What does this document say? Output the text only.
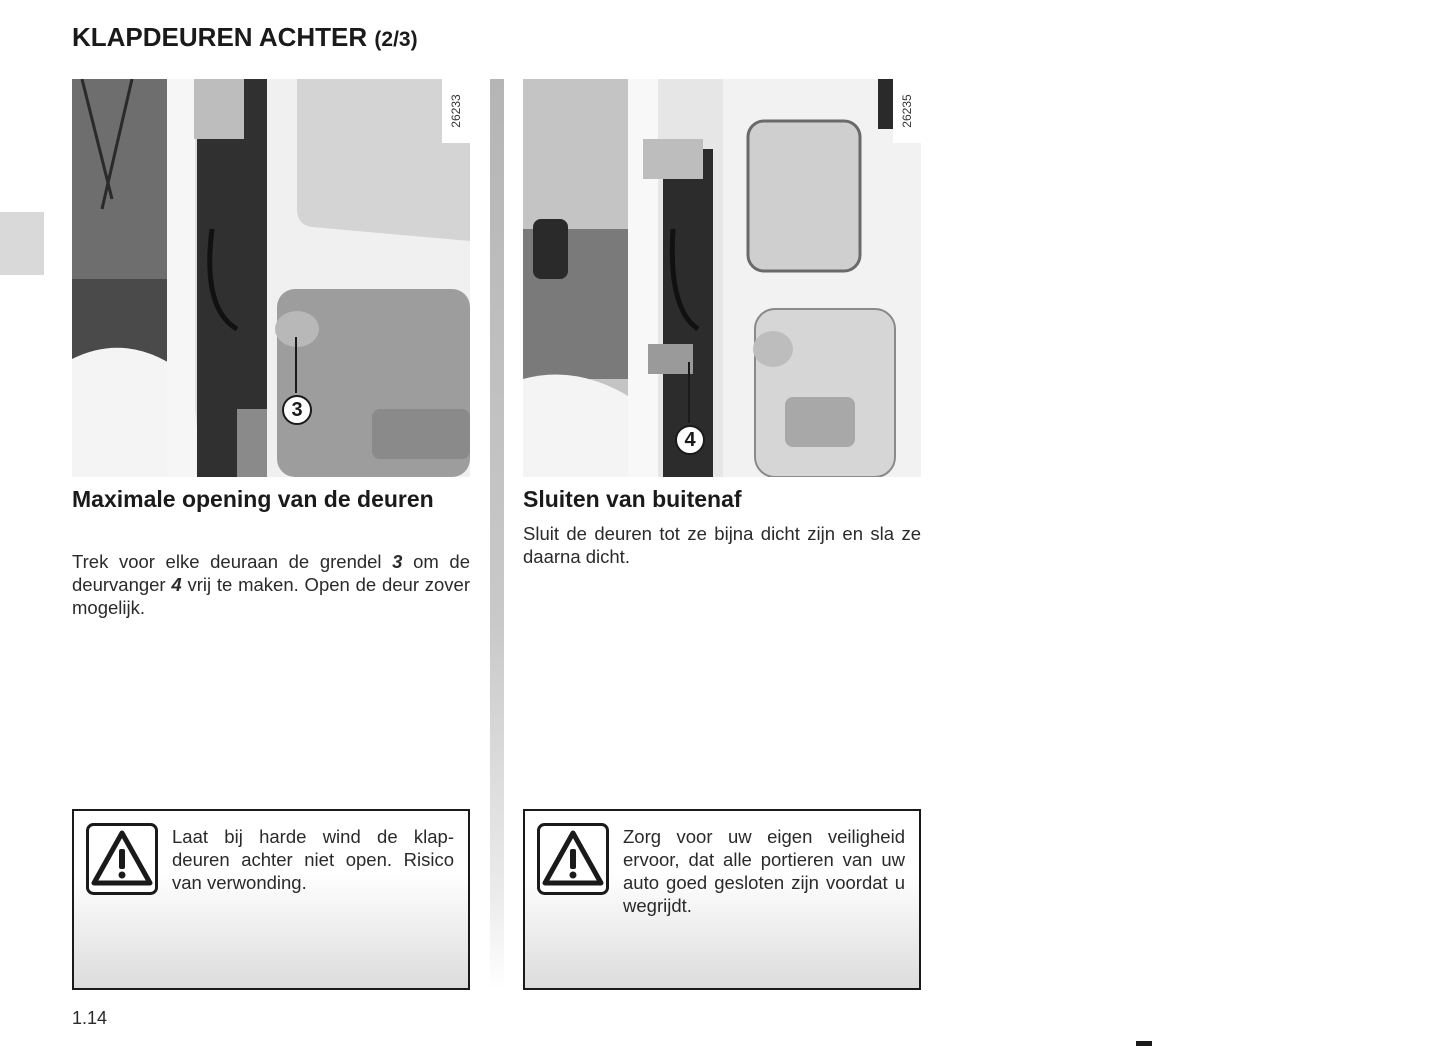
KLAPDEUREN ACHTER (2/3)
26233
3
26235
4
Maximale opening van de deuren

Trek voor elke deuraan de grendel 3 om de deurvanger 4 vrij te maken. Open de deur zover mogelijk.

Sluiten van buitenaf

Sluit de deuren tot ze bijna dicht zijn en sla ze daarna dicht.

Laat bij harde wind de klap-deuren achter niet open. Risico van verwonding.

Zorg voor uw eigen veiligheid ervoor, dat alle portieren van uw auto goed gesloten zijn voordat u wegrijdt.

1.14
